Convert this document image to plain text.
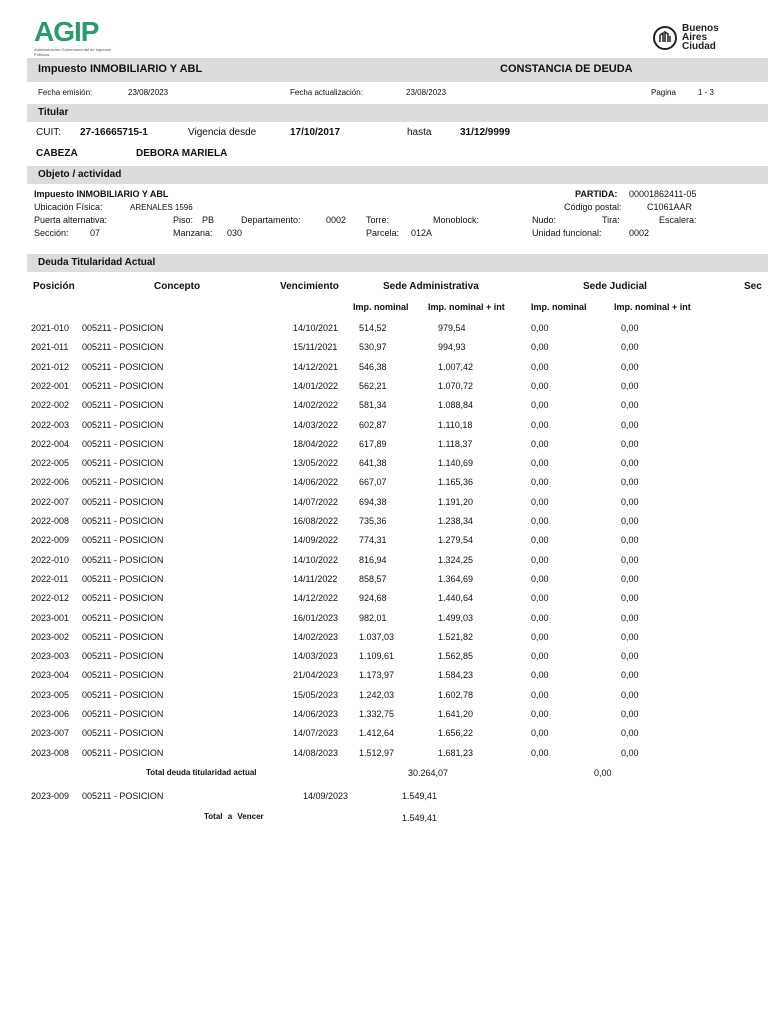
AGIP
Administración Gubernamental de Ingresos Públicos
Buenos Aires Ciudad
Impuesto INMOBILIARIO Y ABL	CONSTANCIA DE DEUDA
Fecha emisión:	23/08/2023	Fecha actualización:	23/08/2023	Pagina	1 - 3
Titular
CUIT: 27-16665715-1	Vigencia desde	17/10/2017	hasta	31/12/9999
CABEZA	DEBORA MARIELA
Objeto / actividad
Impuesto INMOBILIARIO Y ABL	PARTIDA: 00001862411-05
Ubicación Física:	ARENALES 1596	Código postal:	C1061AAR
Puerta alternativa:	Piso: PB	Departamento:	0002 Torre:	Monoblock:	Nudo:	Tira:	Escalera:
Sección: 07	Manzana: 030	Parcela: 012A	Unidad funcional:	0002
Deuda Titularidad Actual
Posición	Concepto	Vencimiento	Sede Administrativa	Sede Judicial	Sec
Imp. nominal Imp. nominal + int	Imp. nominal	Imp. nominal + int
2021-010 005211 - POSICION	14/10/2021 514,52	979,54	0,00	0,00
2021-011 005211 - POSICION	15/11/2021 530,97	994,93	0,00	0,00
2021-012 005211 - POSICION	14/12/2021 546,38	1.007,42	0,00	0,00
2022-001 005211 - POSICION	14/01/2022 562,21	1.070,72	0,00	0,00
2022-002 005211 - POSICION	14/02/2022 581,34	1.088,84	0,00	0,00
2022-003 005211 - POSICION	14/03/2022 602,87	1.110,18	0,00	0,00
2022-004 005211 - POSICION	18/04/2022 617,89	1.118,37	0,00	0,00
2022-005 005211 - POSICION	13/05/2022 641,38	1.140,69	0,00	0,00
2022-006 005211 - POSICION	14/06/2022 667,07	1.165,36	0,00	0,00
2022-007 005211 - POSICION	14/07/2022 694,38	1.191,20	0,00	0,00
2022-008 005211 - POSICION	16/08/2022 735,36	1.238,34	0,00	0,00
2022-009 005211 - POSICION	14/09/2022 774,31	1.279,54	0,00	0,00
2022-010 005211 - POSICION	14/10/2022 816,94	1.324,25	0,00	0,00
2022-011 005211 - POSICION	14/11/2022 858,57	1.364,69	0,00	0,00
2022-012 005211 - POSICION	14/12/2022 924,68	1.440,64	0,00	0,00
2023-001 005211 - POSICION	16/01/2023 982,01	1.499,03	0,00	0,00
2023-002 005211 - POSICION	14/02/2023 1.037,03	1.521,82	0,00	0,00
2023-003 005211 - POSICION	14/03/2023 1.109,61	1.562,85	0,00	0,00
2023-004 005211 - POSICION	21/04/2023 1.173,97	1.584,23	0,00	0,00
2023-005 005211 - POSICION	15/05/2023 1.242,03	1.602,78	0,00	0,00
2023-006 005211 - POSICION	14/06/2023 1.332,75	1.641,20	0,00	0,00
2023-007 005211 - POSICION	14/07/2023 1.412,64	1.656,22	0,00	0,00
2023-008 005211 - POSICION	14/08/2023 1.512,97	1.681,23	0,00	0,00
Total deuda titularidad actual	30.264,07	0,00
2023-009 005211 - POSICION	14/09/2023	1.549,41
Total a Vencer	1.549,41
